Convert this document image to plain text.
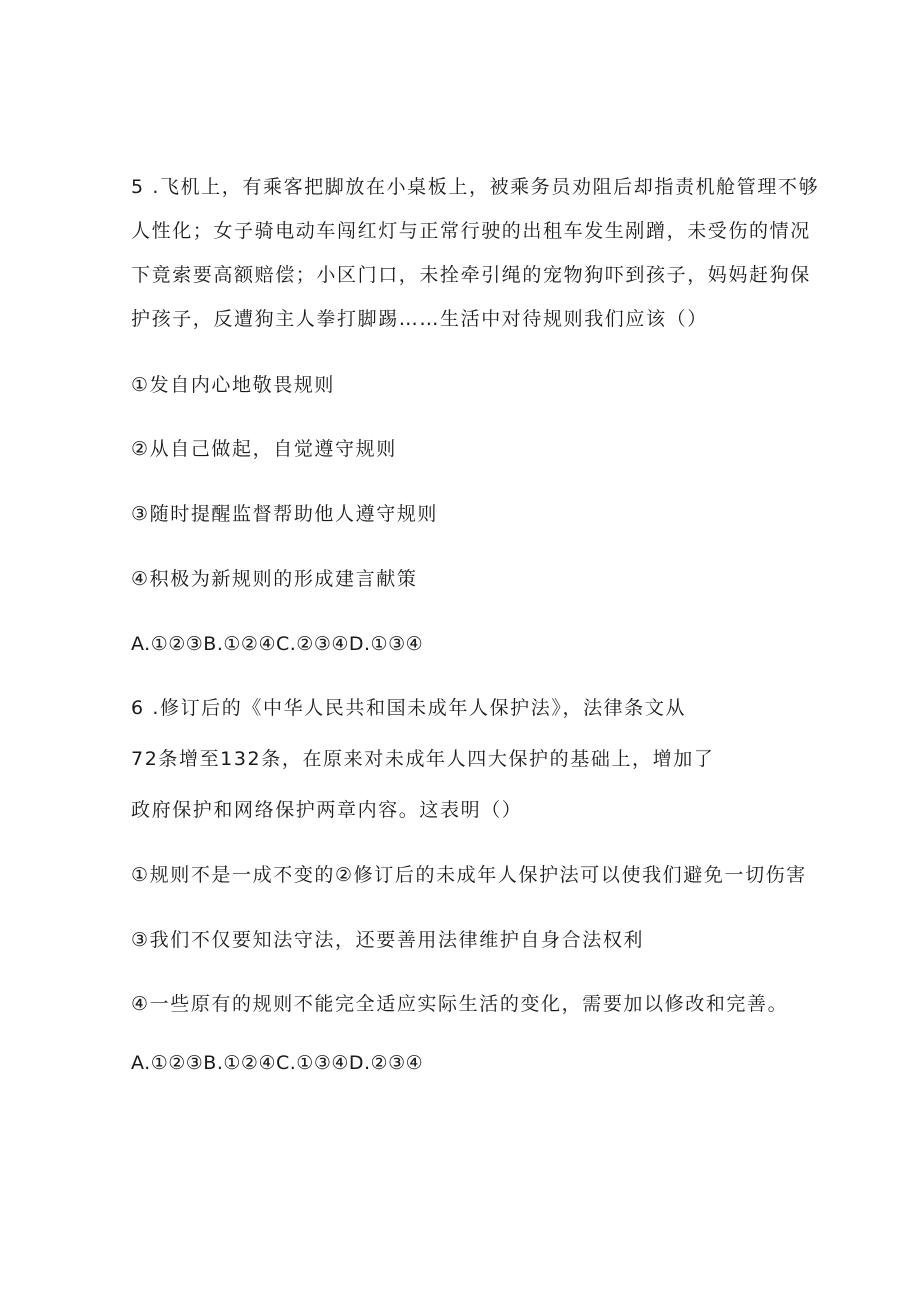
5 .飞机上，有乘客把脚放在小桌板上，被乘务员劝阻后却指责机舱管理不够
人性化；女子骑电动车闯红灯与正常行驶的出租车发生剐蹭，未受伤的情况
下竟索要高额赔偿；小区门口，未拴牵引绳的宠物狗吓到孩子，妈妈赶狗保
护孩子，反遭狗主人拳打脚踢……生活中对待规则我们应该（）
①发自内心地敬畏规则
②从自己做起，自觉遵守规则
③随时提醒监督帮助他人遵守规则
④积极为新规则的形成建言献策
A.①②③B.①②④C.②③④D.①③④
6 .修订后的《中华人民共和国未成年人保护法》，法律条文从
72条增至132条，在原来对未成年人四大保护的基础上，增加了
政府保护和网络保护两章内容。这表明（）
①规则不是一成不变的②修订后的未成年人保护法可以使我们避免一切伤害
③我们不仅要知法守法，还要善用法律维护自身合法权利
④一些原有的规则不能完全适应实际生活的变化，需要加以修改和完善。
A.①②③B.①②④C.①③④D.②③④
